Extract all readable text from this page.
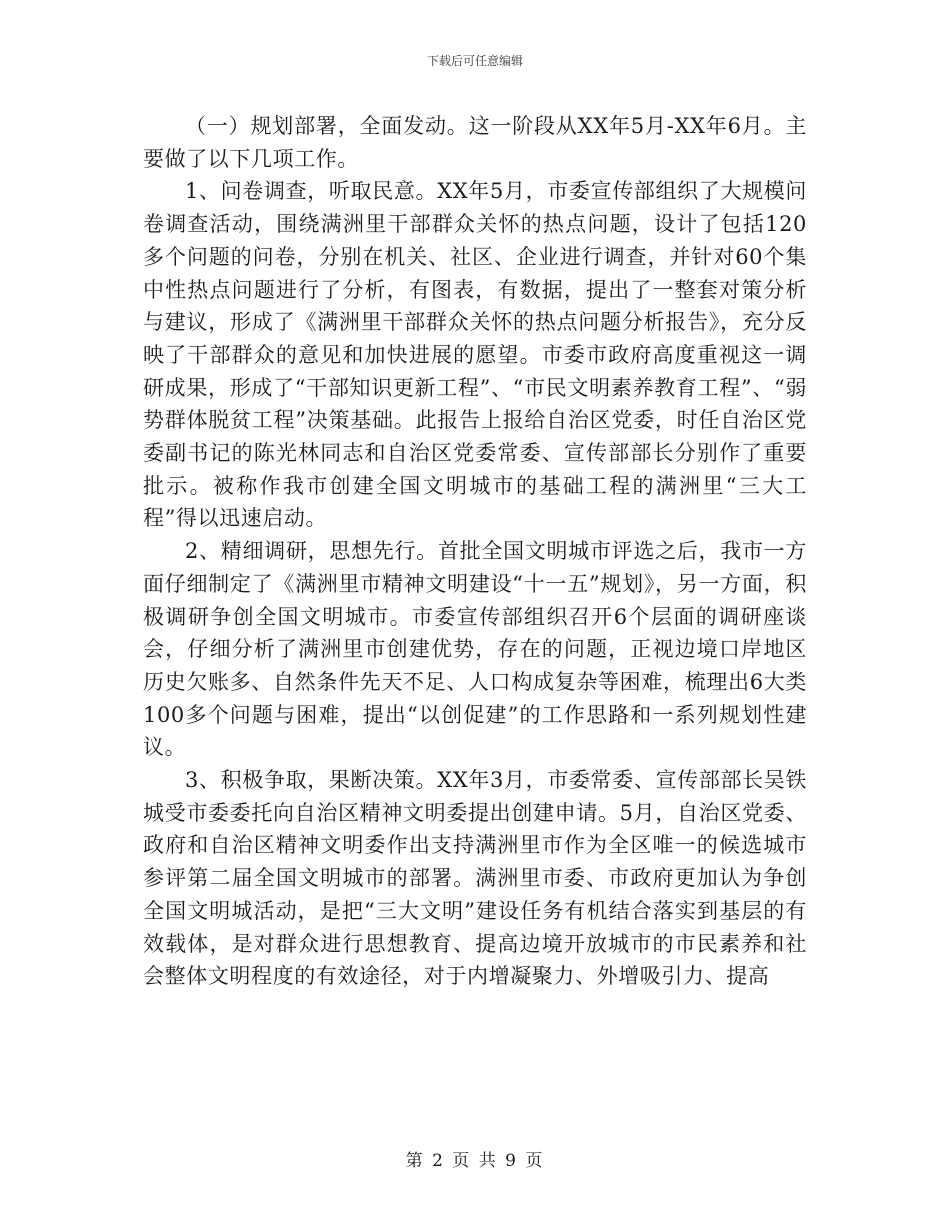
下载后可任意编辑

（一）规划部署，全面发动。这一阶段从XX年5月-XX年6月。主要做了以下几项工作。

1、问卷调查，听取民意。XX年5月，市委宣传部组织了大规模问卷调查活动，围绕满洲里干部群众关怀的热点问题，设计了包括120多个问题的问卷，分别在机关、社区、企业进行调查，并针对60个集中性热点问题进行了分析，有图表，有数据，提出了一整套对策分析与建议，形成了《满洲里干部群众关怀的热点问题分析报告》，充分反映了干部群众的意见和加快进展的愿望。市委市政府高度重视这一调研成果，形成了“干部知识更新工程”、“市民文明素养教育工程”、“弱势群体脱贫工程”决策基础。此报告上报给自治区党委，时任自治区党委副书记的陈光林同志和自治区党委常委、宣传部部长分别作了重要批示。被称作我市创建全国文明城市的基础工程的满洲里“三大工程”得以迅速启动。

2、精细调研，思想先行。首批全国文明城市评选之后，我市一方面仔细制定了《满洲里市精神文明建设“十一五”规划》，另一方面，积极调研争创全国文明城市。市委宣传部组织召开6个层面的调研座谈会，仔细分析了满洲里市创建优势，存在的问题，正视边境口岸地区历史欠账多、自然条件先天不足、人口构成复杂等困难，梳理出6大类100多个问题与困难，提出“以创促建”的工作思路和一系列规划性建议。

3、积极争取，果断决策。XX年3月，市委常委、宣传部部长吴铁城受市委委托向自治区精神文明委提出创建申请。5月，自治区党委、政府和自治区精神文明委作出支持满洲里市作为全区唯一的候选城市参评第二届全国文明城市的部署。满洲里市委、市政府更加认为争创全国文明城活动，是把“三大文明”建设任务有机结合落实到基层的有效载体，是对群众进行思想教育、提高边境开放城市的市民素养和社会整体文明程度的有效途径，对于内增凝聚力、外增吸引力、提高

第 2 页 共 9 页
